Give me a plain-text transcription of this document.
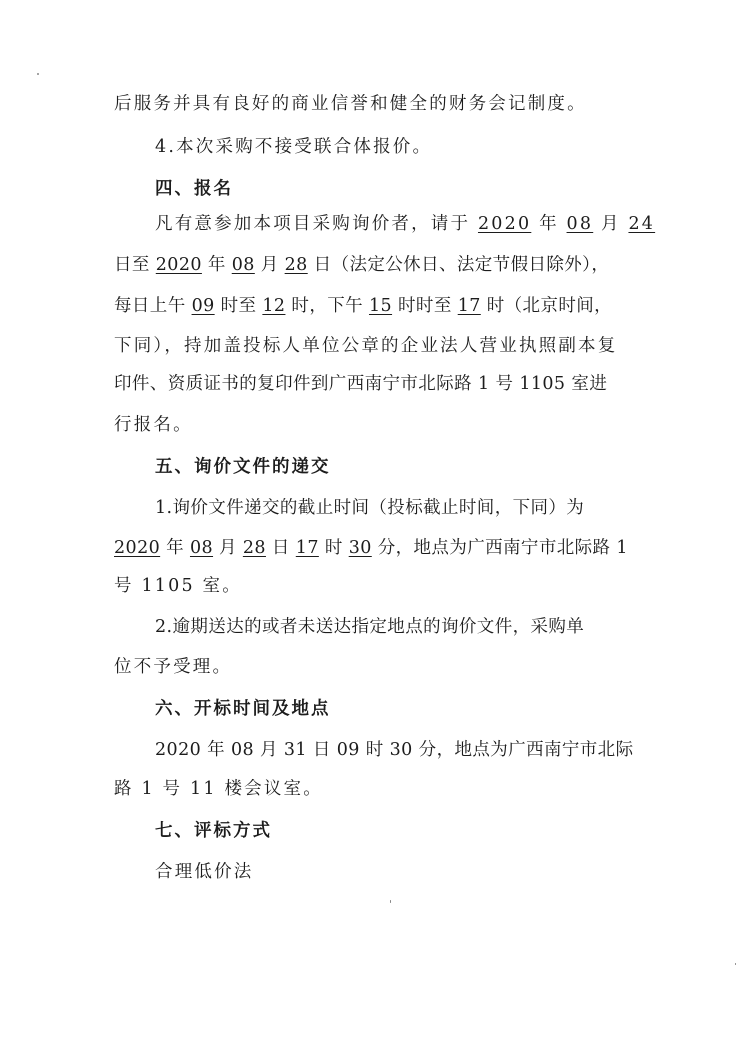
后服务并具有良好的商业信誉和健全的财务会记制度。
4.本次采购不接受联合体报价。
四、报名
凡有意参加本项目采购询价者，请于 2020 年 08 月 24
日至 2020 年 08 月 28 日（法定公休日、法定节假日除外），
每日上午 09 时至 12 时，下午 15 时时至 17 时（北京时间，
下同），持加盖投标人单位公章的企业法人营业执照副本复
印件、资质证书的复印件到广西南宁市北际路 1 号 1105 室进
行报名。
五、询价文件的递交
1.询价文件递交的截止时间（投标截止时间，下同）为
2020 年 08 月 28 日 17 时 30 分，地点为广西南宁市北际路 1
号 1105 室。
2.逾期送达的或者未送达指定地点的询价文件，采购单
位不予受理。
六、开标时间及地点
2020 年 08 月 31 日 09 时 30 分，地点为广西南宁市北际
路 1 号 11 楼会议室。
七、评标方式
合理低价法
